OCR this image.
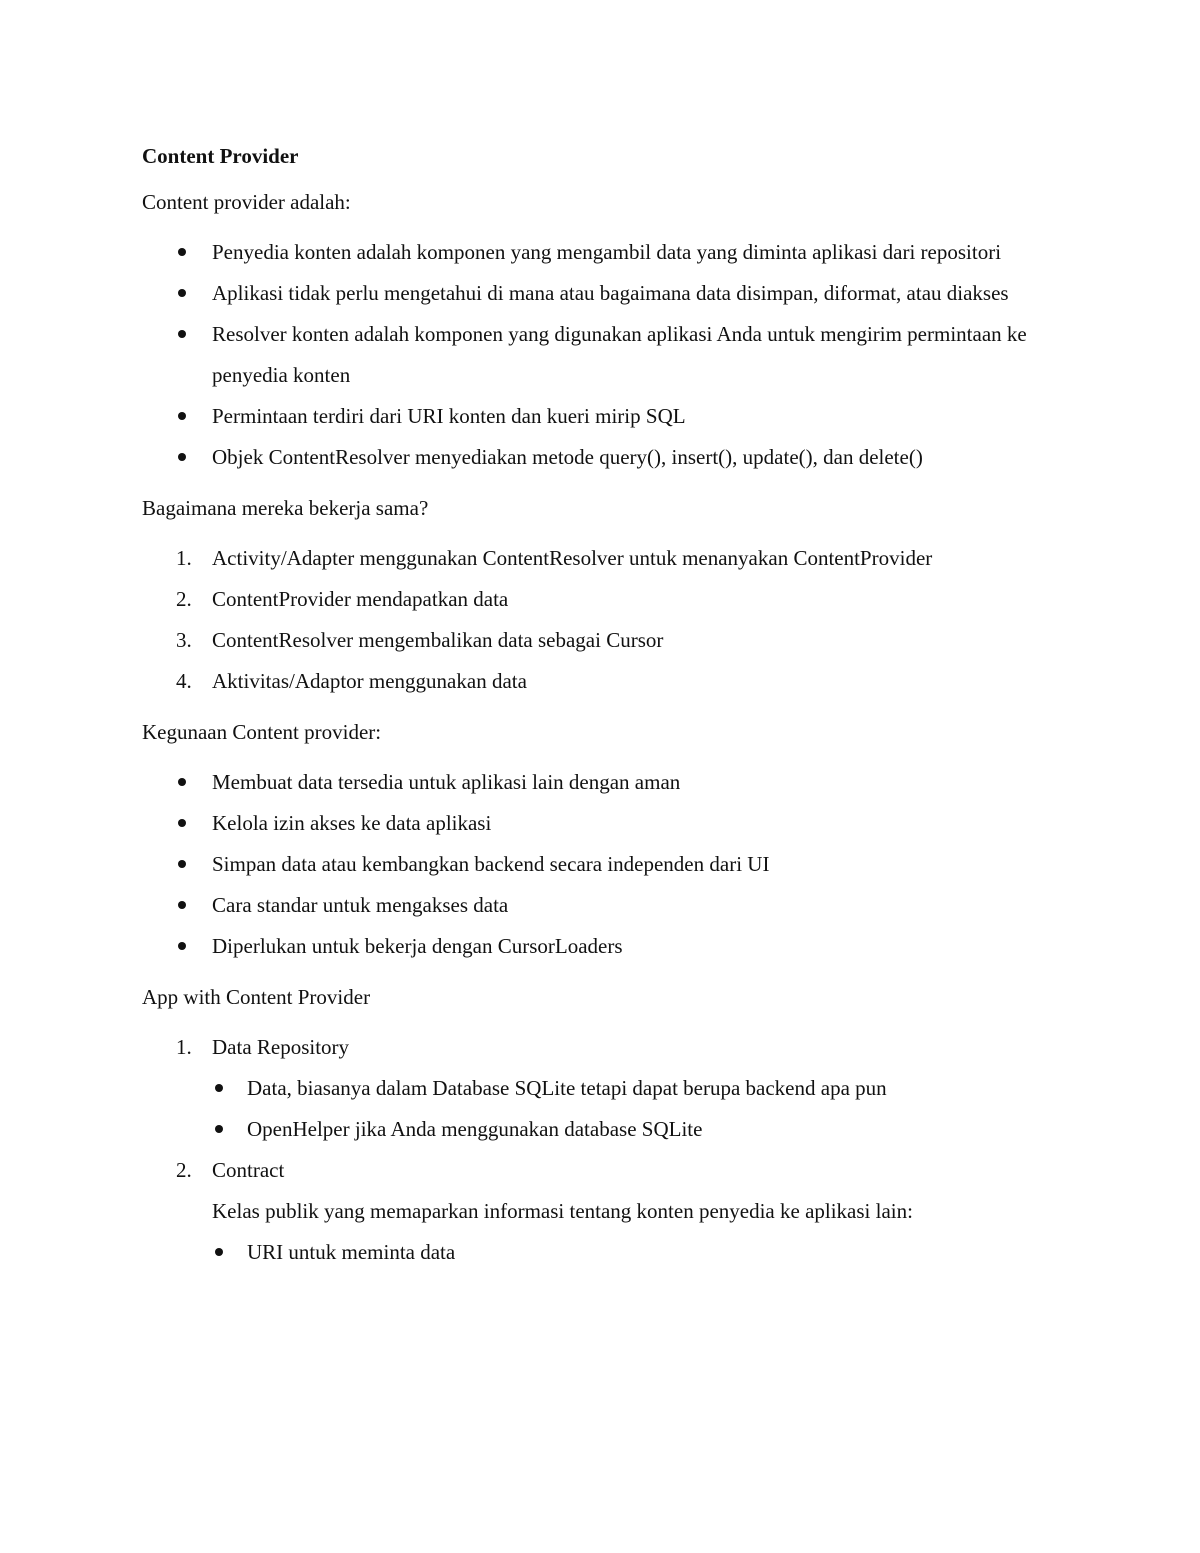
Content Provider
Content provider adalah:
Penyedia konten adalah komponen yang mengambil data yang diminta aplikasi dari repositori
Aplikasi tidak perlu mengetahui di mana atau bagaimana data disimpan, diformat, atau diakses
Resolver konten adalah komponen yang digunakan aplikasi Anda untuk mengirim permintaan ke penyedia konten
Permintaan terdiri dari URI konten dan kueri mirip SQL
Objek ContentResolver menyediakan metode query(), insert(), update(), dan delete()
Bagaimana mereka bekerja sama?
1. Activity/Adapter menggunakan ContentResolver untuk menanyakan ContentProvider
2. ContentProvider mendapatkan data
3. ContentResolver mengembalikan data sebagai Cursor
4. Aktivitas/Adaptor menggunakan data
Kegunaan Content provider:
Membuat data tersedia untuk aplikasi lain dengan aman
Kelola izin akses ke data aplikasi
Simpan data atau kembangkan backend secara independen dari UI
Cara standar untuk mengakses data
Diperlukan untuk bekerja dengan CursorLoaders
App with Content Provider
1. Data Repository
Data, biasanya dalam Database SQLite tetapi dapat berupa backend apa pun
OpenHelper jika Anda menggunakan database SQLite
2. Contract
Kelas publik yang memaparkan informasi tentang konten penyedia ke aplikasi lain:
URI untuk meminta data
